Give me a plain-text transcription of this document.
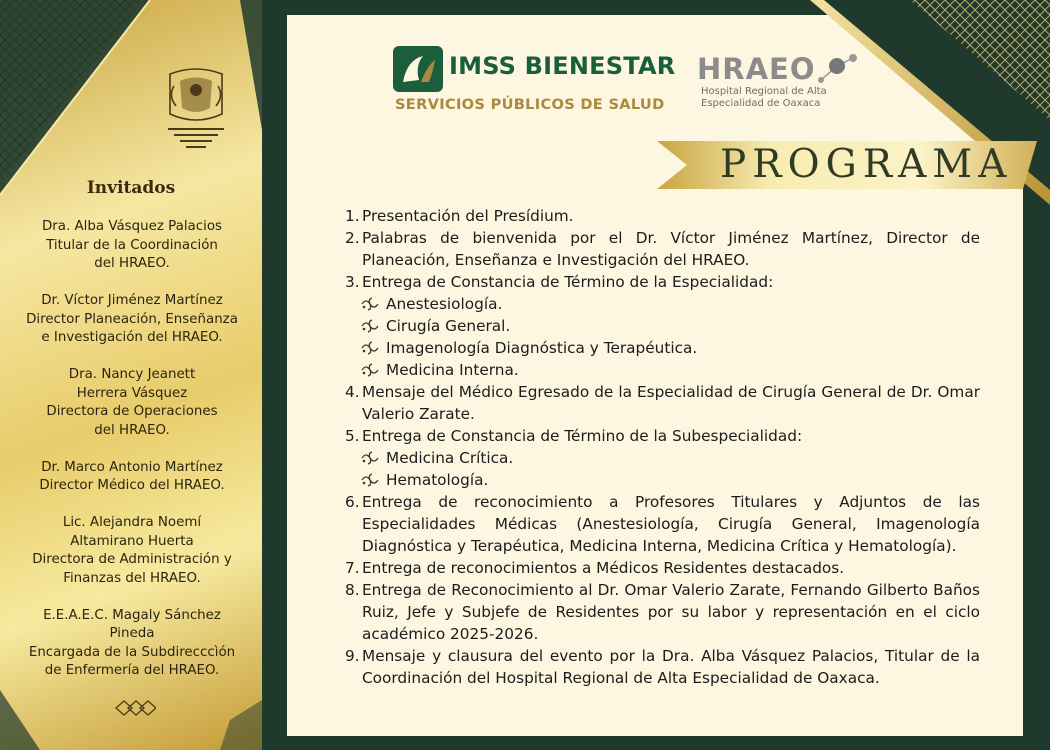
Invitados
Dra. Alba Vásquez Palacios
Titular de la Coordinación
del HRAEO.
Dr. Víctor Jiménez Martínez
Director Planeación, Enseñanza
e Investigación del HRAEO.
Dra. Nancy Jeanett
Herrera Vásquez
Directora de Operaciones
del HRAEO.
Dr. Marco Antonio Martínez
Director Médico del HRAEO.
Lic. Alejandra Noemí
Altamirano Huerta
Directora de Administración y
Finanzas del HRAEO.
E.E.A.E.C. Magaly Sánchez
Pineda
Encargada de la Subdirecccìón
de Enfermería del HRAEO.
IMSS BIENESTAR
SERVICIOS PÚBLICOS DE SALUD
HRAEO
Hospital Regional de Alta
Especialidad de Oaxaca
PROGRAMA
1. Presentación del Presídium.
2. Palabras de bienvenida por el Dr. Víctor Jiménez Martínez, Director de Planeación, Enseñanza e Investigación del HRAEO.
3. Entrega de Constancia de Término de la Especialidad:
Anestesiología.
Cirugía General.
Imagenología Diagnóstica y Terapéutica.
Medicina Interna.
4. Mensaje del Médico Egresado de la Especialidad de Cirugía General de Dr. Omar Valerio Zarate.
5. Entrega de Constancia de Término de la Subespecialidad:
Medicina Crítica.
Hematología.
6. Entrega de reconocimiento a Profesores Titulares y Adjuntos de las Especialidades Médicas (Anestesiología, Cirugía General, Imagenología Diagnóstica y Terapéutica, Medicina Interna, Medicina Crítica y Hematología).
7. Entrega de reconocimientos a Médicos Residentes destacados.
8. Entrega de Reconocimiento al Dr. Omar Valerio Zarate, Fernando Gilberto Baños Ruiz, Jefe y Subjefe de Residentes por su labor y representación en el ciclo académico 2025-2026.
9. Mensaje y clausura del evento por la Dra. Alba Vásquez Palacios, Titular de la Coordinación del Hospital Regional de Alta Especialidad de Oaxaca.
